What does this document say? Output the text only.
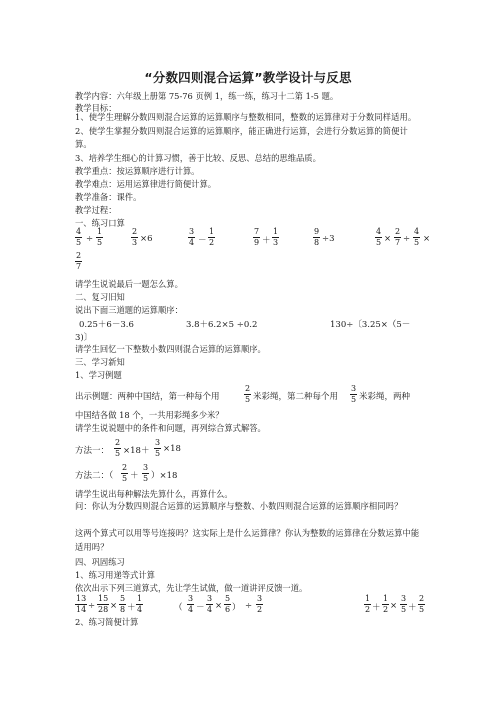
“分数四则混合运算”教学设计与反思
教学内容：六年级上册第 75-76 页例 1，练一练，练习十二第 1-5 题。
教学目标：
1、使学生理解分数四则混合运算的运算顺序与整数相同，整数的运算律对于分数同样适用。2、使学生掌握分数四则混合运算的运算顺序，能正确进行运算，会进行分数运算的简便计算。
3、培养学生细心的计算习惯，善于比较、反思、总结的思维品质。
教学重点：按运算顺序进行计算。
教学难点：运用运算律进行简便计算。
教学准备：课件。
教学过程：
一、练习口算
$\frac{4}{5} \div \frac{1}{5}$	$\frac{2}{3} \times 6$	$\frac{3}{4} - \frac{1}{2}$	$\frac{7}{9} + \frac{1}{3}$	$\frac{9}{8} \div 3$	$\frac{4}{5} \times \frac{2}{7} \div \frac{4}{5}$ ×
$\frac{2}{7}$
请学生说说最后一题怎么算。
二、复习旧知
说出下面三道题的运算顺序：
0.25＋6－3.6	3.8＋6.2×5 ÷0.2	130÷〔3.25×（5－
3)〕
请学生回忆一下整数小数四则混合运算的运算顺序。
三、学习新知
1、学习例题
出示例题：两种中国结，第一种每个用	$\frac{2}{5}$ 米彩绳，第二种每个用 $\frac{3}{5}$ 米彩绳，两种
中国结各做 18 个，一共用彩绳多少米？
请学生说说题中的条件和问题，再列综合算式解答。
方法一： $\frac{2}{5} \times 18+ \frac{3}{5} \times 18$
方法二：（ $\frac{2}{5} + \frac{3}{5} )\times 18$
请学生说出每种解法先算什么，再算什么。
问：你认为分数四则混合运算的运算顺序与整数、小数四则混合运算的运算顺序相同吗？
这两个算式可以用等号连接吗？这实际上是什么运算律？你认为整数的运算律在分数运算中能适用吗？
四、巩固练习
1、练习用递等式计算
依次出示下列三道算式，先让学生试做，做一道讲评反馈一道。
$\frac{13}{14} \div \frac{15}{28} \times \frac{5}{8} + \frac{1}{4}$	（ $\frac{3}{4} - \frac{3}{4} \times \frac{5}{6}$ ） ÷ $\frac{3}{2}$	$\frac{1}{2} + \frac{1}{2} \times \frac{3}{5} + \frac{2}{5}$
2、练习简便计算
